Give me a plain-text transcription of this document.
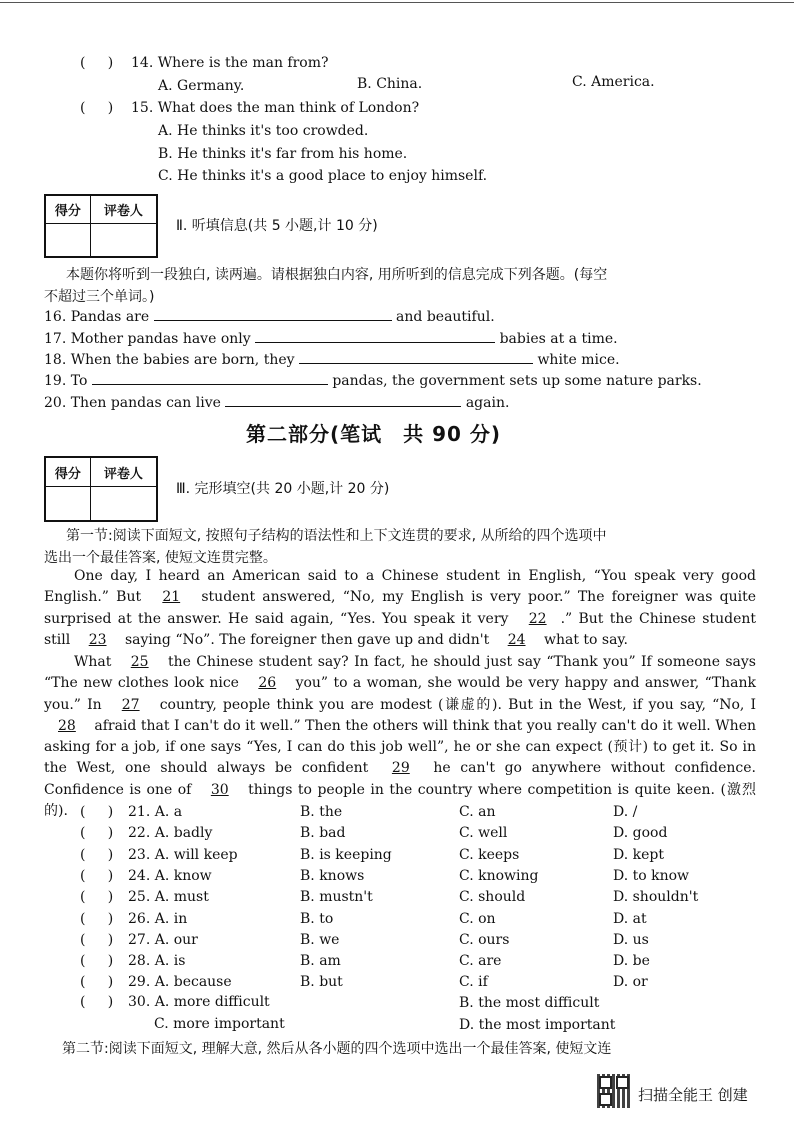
( ) 14. Where is the man from?
A. Germany.	B. China.	C. America.
( ) 15. What does the man think of London?
A. He thinks it's too crowded.
B. He thinks it's far from his home.
C. He thinks it's a good place to enjoy himself.
得分	评卷人

Ⅱ. 听填信息(共 5 小题,计 10 分)
本题你将听到一段独白, 读两遍。请根据独白内容, 用所听到的信息完成下列各题。(每空
不超过三个单词。)
16. Pandas are	and beautiful.
17. Mother pandas have only	babies at a time.
18. When the babies are born, they	white mice.
19. To	pandas, the government sets up some nature parks.
20. Then pandas can live	again.
第二部分(笔试　共 90 分)
得分	评卷人

Ⅲ. 完形填空(共 20 小题,计 20 分)
第一节:阅读下面短文, 按照句子结构的语法性和上下文连贯的要求, 从所给的四个选项中
选出一个最佳答案, 使短文连贯完整。
One day, I heard an American said to a Chinese student in English, “You speak very good English.” But 21 student answered, “No, my English is very poor.” The foreigner was quite surprised at the answer. He said again, “Yes. You speak it very 22 .” But the Chinese student still 23 saying “No”. The foreigner then gave up and didn't 24 what to say.
What 25 the Chinese student say? In fact, he should just say “Thank you” If someone says “The new clothes look nice 26 you” to a woman, she would be very happy and answer, “Thank you.” In 27 country, people think you are modest (谦虚的). But in the West, if you say, “No, I 28 afraid that I can't do it well.” Then the others will think that you really can't do it well. When asking for a job, if one says “Yes, I can do this job well”, he or she can expect (预计) to get it. So in the West, one should always be confident 29 he can't go anywhere without confidence. Confidence is one of 30 things to people in the country where competition is quite keen. (激烈的). (     ) 21. A. a	B. the	C. an	D. /
(     ) 22. A. badly	B. bad	C. well	D. good
(     ) 23. A. will keep	B. is keeping	C. keeps	D. kept
(     ) 24. A. know	B. knows	C. knowing	D. to know
(     ) 25. A. must	B. mustn't	C. should	D. shouldn't
(     ) 26. A. in	B. to	C. on	D. at
(     ) 27. A. our	B. we	C. ours	D. us
(     ) 28. A. is	B. am	C. are	D. be
(     ) 29. A. because	B. but	C. if	D. or
(     ) 30. A. more difficult	B. the most difficult
C. more important	D. the most important
第二节:阅读下面短文, 理解大意, 然后从各小题的四个选项中选出一个最佳答案, 使短文连
扫描全能王 创建
